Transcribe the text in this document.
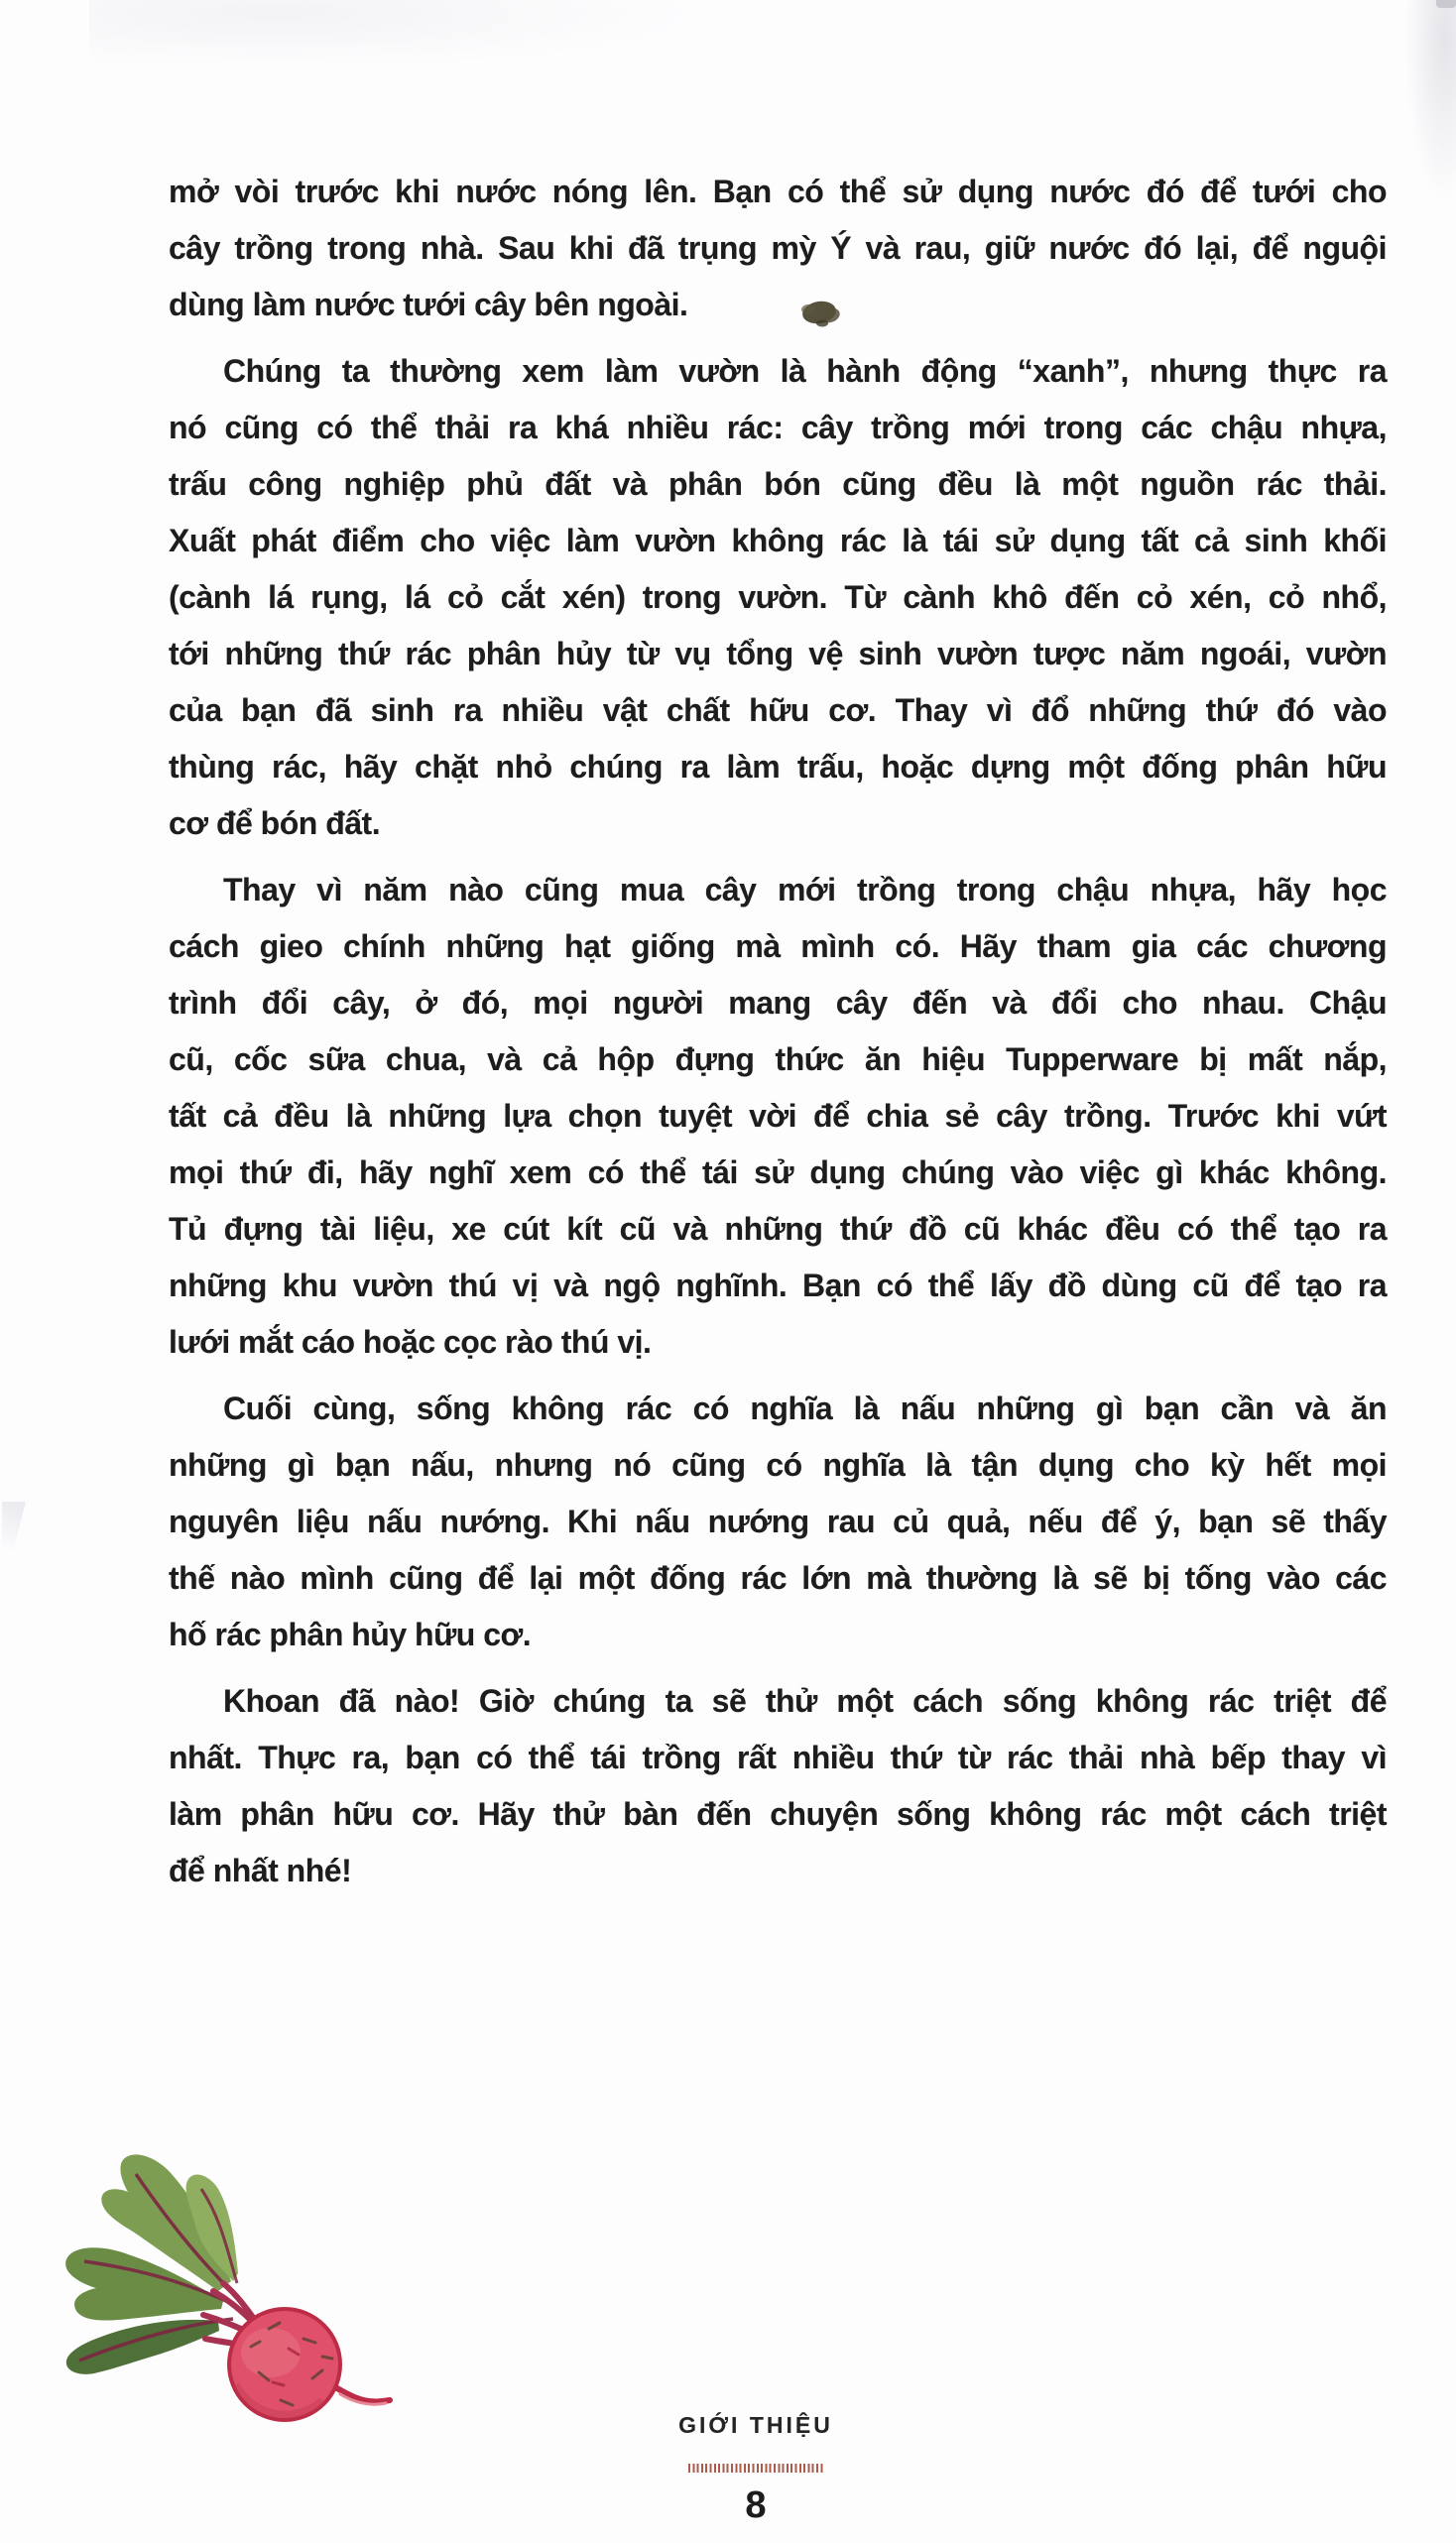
mở vòi trước khi nước nóng lên. Bạn có thể sử dụng nước đó để tưới cho
cây trồng trong nhà. Sau khi đã trụng mỳ Ý và rau, giữ nước đó lại, để nguội
dùng làm nước tưới cây bên ngoài.
Chúng ta thường xem làm vườn là hành động “xanh”, nhưng thực ra
nó cũng có thể thải ra khá nhiều rác: cây trồng mới trong các chậu nhựa,
trấu công nghiệp phủ đất và phân bón cũng đều là một nguồn rác thải.
Xuất phát điểm cho việc làm vườn không rác là tái sử dụng tất cả sinh khối
(cành lá rụng, lá cỏ cắt xén) trong vườn. Từ cành khô đến cỏ xén, cỏ nhổ,
tới những thứ rác phân hủy từ vụ tổng vệ sinh vườn tược năm ngoái, vườn
của bạn đã sinh ra nhiều vật chất hữu cơ. Thay vì đổ những thứ đó vào
thùng rác, hãy chặt nhỏ chúng ra làm trấu, hoặc dựng một đống phân hữu
cơ để bón đất.
Thay vì năm nào cũng mua cây mới trồng trong chậu nhựa, hãy học
cách gieo chính những hạt giống mà mình có. Hãy tham gia các chương
trình đổi cây, ở đó, mọi người mang cây đến và đổi cho nhau. Chậu
cũ, cốc sữa chua, và cả hộp đựng thức ăn hiệu Tupperware bị mất nắp,
tất cả đều là những lựa chọn tuyệt vời để chia sẻ cây trồng. Trước khi vứt
mọi thứ đi, hãy nghĩ xem có thể tái sử dụng chúng vào việc gì khác không.
Tủ đựng tài liệu, xe cút kít cũ và những thứ đồ cũ khác đều có thể tạo ra
những khu vườn thú vị và ngộ nghĩnh. Bạn có thể lấy đồ dùng cũ để tạo ra
lưới mắt cáo hoặc cọc rào thú vị.
Cuối cùng, sống không rác có nghĩa là nấu những gì bạn cần và ăn
những gì bạn nấu, nhưng nó cũng có nghĩa là tận dụng cho kỳ hết mọi
nguyên liệu nấu nướng. Khi nấu nướng rau củ quả, nếu để ý, bạn sẽ thấy
thế nào mình cũng để lại một đống rác lớn mà thường là sẽ bị tống vào các
hố rác phân hủy hữu cơ.
Khoan đã nào! Giờ chúng ta sẽ thử một cách sống không rác triệt để
nhất. Thực ra, bạn có thể tái trồng rất nhiều thứ từ rác thải nhà bếp thay vì
làm phân hữu cơ. Hãy thử bàn đến chuyện sống không rác một cách triệt
để nhất nhé!
GIỚI THIỆU
8
